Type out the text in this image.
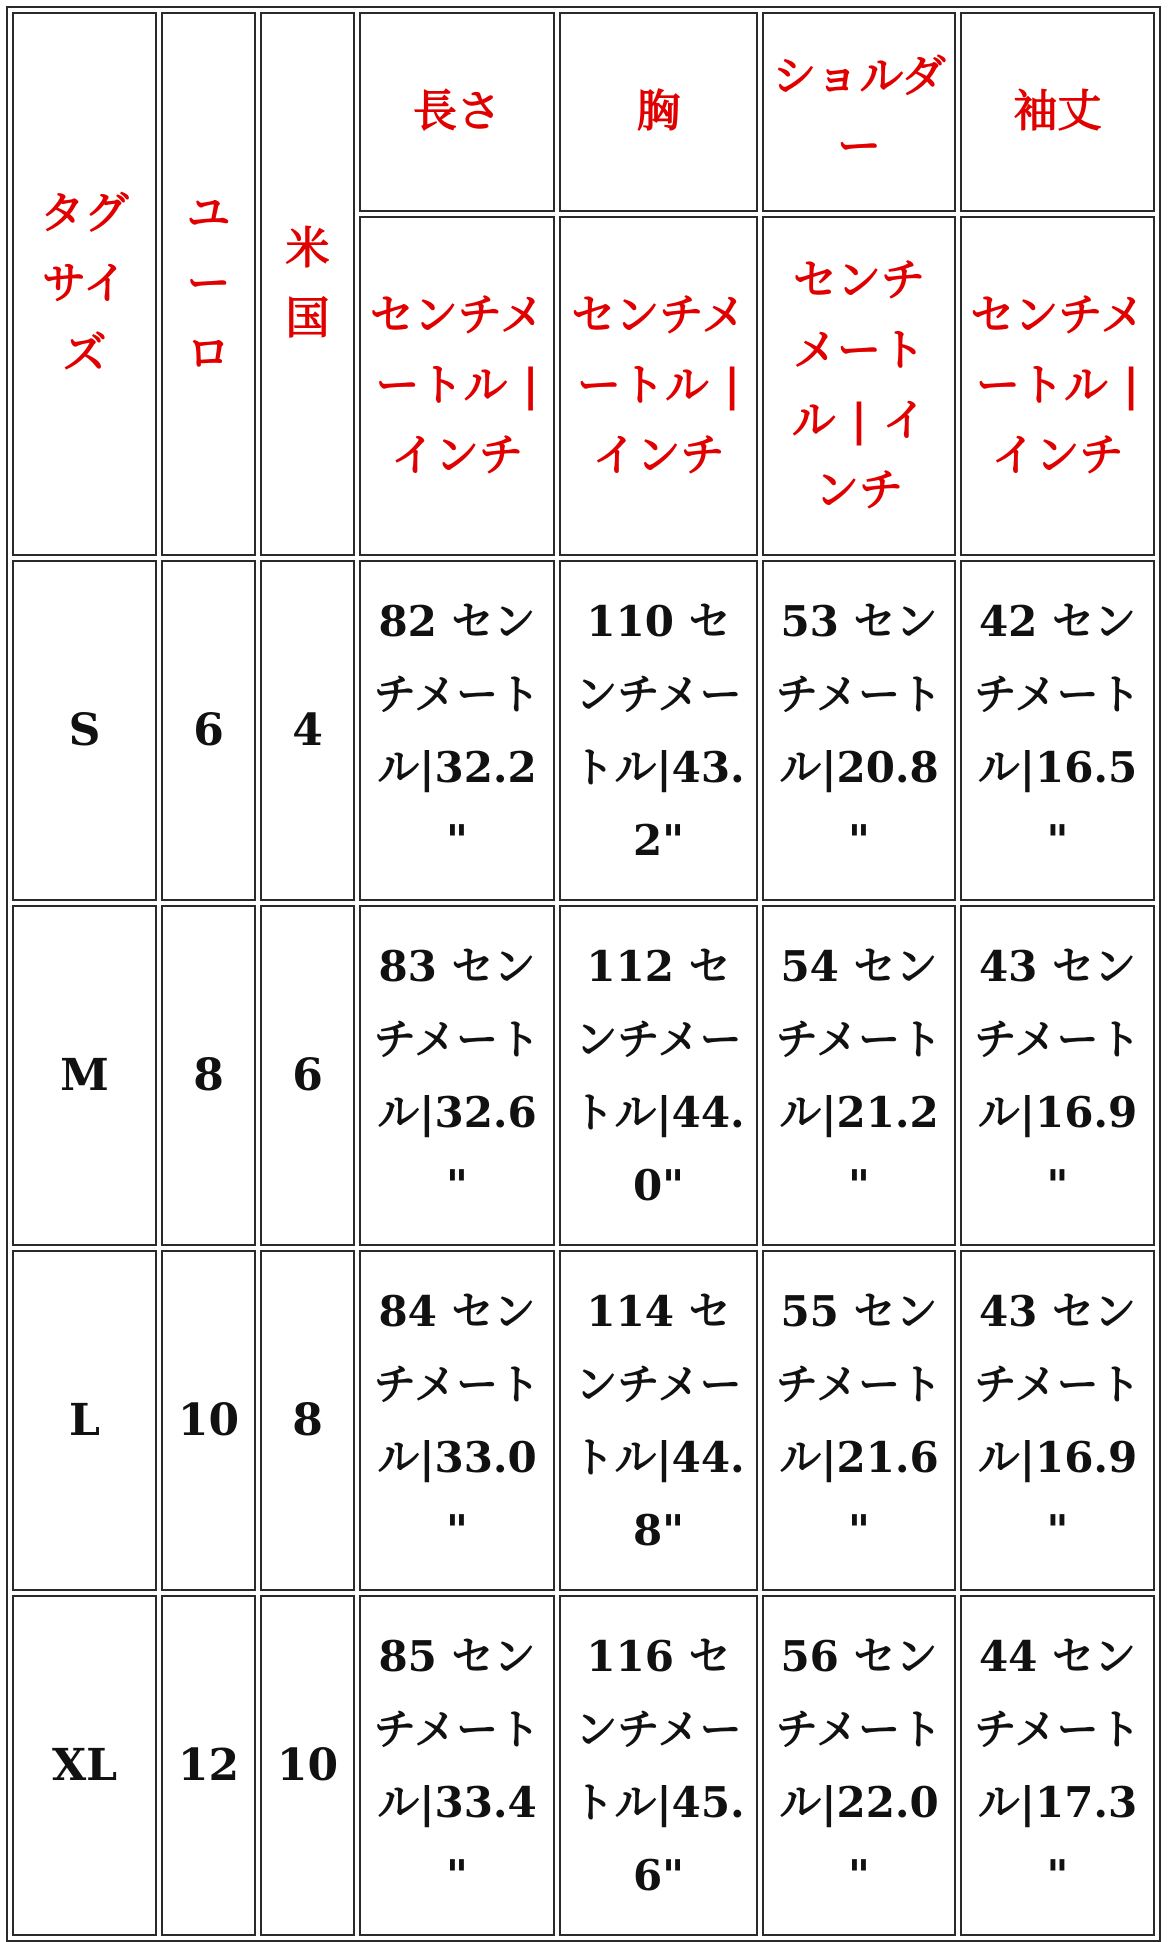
タグサイズ	ユーロ	米国	長さ	胸	ショルダー	袖丈
			センチメートル | インチ	センチメートル | インチ	センチメートル | インチ	センチメートル | インチ
S	6	4	82 センチメートル|32.2"	110 センチメートル|43.2"	53 センチメートル|20.8"	42 センチメートル|16.5"
M	8	6	83 センチメートル|32.6"	112 センチメートル|44.0"	54 センチメートル|21.2"	43 センチメートル|16.9"
L	10	8	84 センチメートル|33.0"	114 センチメートル|44.8"	55 センチメートル|21.6"	43 センチメートル|16.9"
XL	12	10	85 センチメートル|33.4"	116 センチメートル|45.6"	56 センチメートル|22.0"	44 センチメートル|17.3"
